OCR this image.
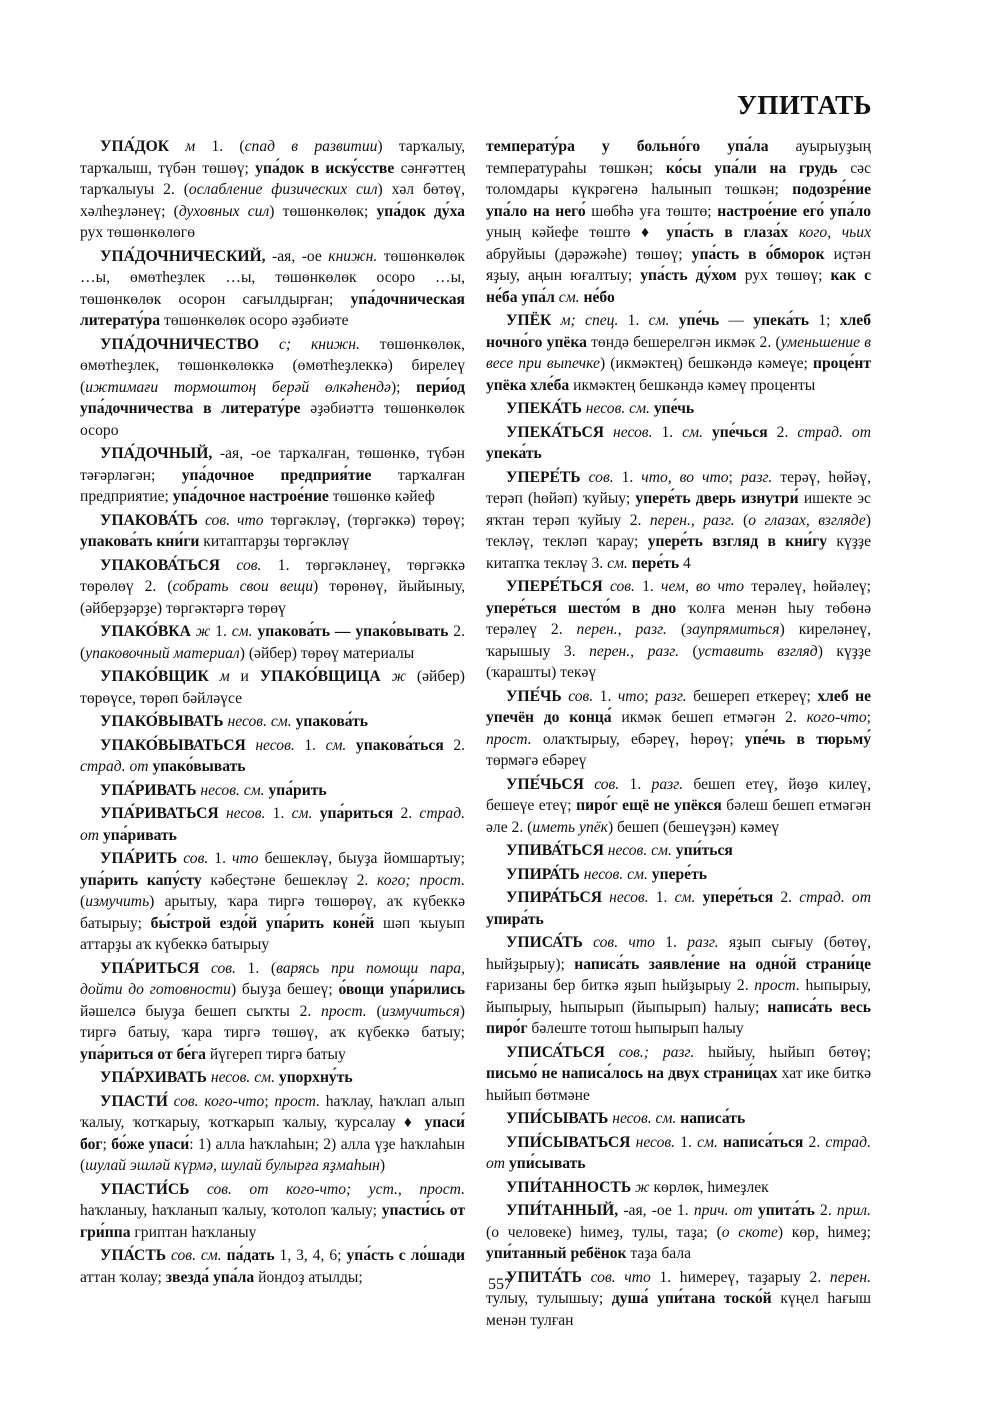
УПИТАТЬ

УПА́ДОК м 1. (спад в развитии) тарҡалыу, тарҡалыш, түбән төшөү; упа́док в иску́сстве сәнғәттең тарҡалыуы 2. (ослабление физических сил) хәл бөтөү, хәлһеҙләнеү; (духовных сил) төшөнкөлөк; упа́док ду́ха рух төшөнкөлөгө

УПА́ДОЧНИЧЕСКИЙ, -ая, -ое книжн. төшөнкөлөк …ы, өмөтһеҙлек …ы, төшөнкөлөк осоро …ы, төшөнкөлөк осорон сағылдырған; упа́дочническая литерату́ра төшөнкөлөк осоро әҙәбиәте

УПА́ДОЧНИЧЕСТВО с; книжн. төшөнкөлөк, өмөтһеҙлек, төшөнкөлөккә (өмөтһеҙлеккә) бирелеү (ижтимағи тормоштоң берәй өлкәһендә); пери́од упа́дочничества в литерату́ре әҙәбиәттә төшөнкөлөк осоро

УПА́ДОЧНЫЙ, -ая, -ое тарҡалған, төшөнкө, түбән тәғәрләгән; упа́дочное предприя́тие тарҡалған предприятие; упа́дочное настрое́ние төшөнкө кәйеф

УПАКОВА́ТЬ сов. что төргәкләү, (төргәккә) төрөү; упакова́ть кни́ги китаптарҙы төргәкләү

УПАКОВА́ТЬСЯ сов. 1. төргәкләнеү, төргәккә төрөлөү 2. (собрать свои вещи) төрөнөү, йыйыныу, (әйберҙәрҙе) төргәктәргә төрөү

УПАКО́ВКА ж 1. см. упакова́ть — упако́вывать 2. (упаковочный материал) (әйбер) төрөү материалы

УПАКО́ВЩИК м и УПАКО́ВЩИЦА ж (әйбер) төрөүсе, төрөп бәйләүсе

УПАКО́ВЫВАТЬ несов. см. упакова́ть

УПАКО́ВЫВАТЬСЯ несов. 1. см. упакова́ться 2. страд. от упако́вывать

УПА́РИВАТЬ несов. см. упа́рить

УПА́РИВАТЬСЯ несов. 1. см. упа́риться 2. страд. от упа́ривать

УПА́РИТЬ сов. 1. что бешекләү, быуҙа йомшартыу; упа́рить капу́сту кәбеҫтәне бешекләү 2. кого; прост. (измучить) арытыу, ҡара тиргә төшөрөү, аҡ күбеккә батырыу; бы́строй ездо́й упа́рить коне́й шәп ҡыуып аттарҙы аҡ күбеккә батырыу

УПА́РИТЬСЯ сов. 1. (варясь при помощи пара, дойти до готовности) быуҙа бешеү; о́вощи упа́рились йәшелсә быуҙа бешеп сыҡты 2. прост. (измучиться) тиргә батыу, ҡара тиргә төшөү, аҡ күбеккә батыу; упа́риться от бе́га йүгереп тиргә батыу

УПА́РХИВАТЬ несов. см. упорхну́ть

УПАСТИ́ сов. кого-что; прост. һаҡлау, һаҡлап алып ҡалыу, ҡотҡарыу, ҡотҡарып ҡалыу, ҡурсалау ♦ упаси́ бог; бо́же упаси́: 1) алла һаҡлаһын; 2) алла үҙе һаҡлаһын (шулай эшләй күрмә, шулай булырға яҙмаһын)

УПАСТИ́СЬ сов. от кого-что; уст., прост. һаҡланыу, һаҡланып ҡалыу, ҡотолоп ҡалыу; упасти́сь от гри́ппа гриптан һаҡланыу

УПА́СТЬ сов. см. па́дать 1, 3, 4, 6; упа́сть с ло́шади аттан ҡолау; звезда́ упа́ла йондоҙ атылды;

температу́ра у больно́го упа́ла ауырыуҙың температураһы төшкән; ко́сы упа́ли на грудь сәс толомдары күкрәгенә һалынып төшкән; подозре́ние упа́ло на него́ шөбһә уға төштө; настрое́ние его́ упа́ло уның кәйефе төштө ♦ упа́сть в глаза́х кого, чьих абруйыы (дәрәжәһе) төшөү; упа́сть в о́бморок иҫтән яҙыу, аңын юғалтыу; упа́сть ду́хом рух төшөү; как с не́ба упа́л см. не́бо

УПЁК м; спец. 1. см. упе́чь — упека́ть 1; хлеб ночно́го упёка төндә бешерелгән икмәк 2. (уменьшение в весе при выпечке) (икмәктең) бешкәндә кәмеүе; проце́нт упёка хле́ба икмәктең бешкәндә кәмеү проценты

УПЕКА́ТЬ несов. см. упе́чь

УПЕКА́ТЬСЯ несов. 1. см. упе́чься 2. страд. от упека́ть

УПЕРЕ́ТЬ сов. 1. что, во что; разг. терәү, һөйәү, терәп (һөйәп) ҡуйыу; упере́ть дверь изнутри́ ишекте эс яҡтан терәп ҡуйыу 2. перен., разг. (о глазах, взгляде) текләү, текләп ҡарау; упере́ть взгляд в кни́гу күҙҙе китапҡа текләү 3. см. пере́ть 4

УПЕРЕ́ТЬСЯ сов. 1. чем, во что терәлеү, һөйәлеү; упере́ться шесто́м в дно ҡолға менән һыу төбөнә терәлеү 2. перен., разг. (заупрямиться) киреләнеү, ҡарышыу 3. перен., разг. (уставить взгляд) күҙҙе (ҡарашты) текәү

УПЕ́ЧЬ сов. 1. что; разг. бешереп еткереү; хлеб не упечён до конца́ икмәк бешеп етмәгән 2. кого-что; прост. олаҡтырыу, ебәреү, һөрөү; упе́чь в тюрьму́ төрмәгә ебәреү

УПЕ́ЧЬСЯ сов. 1. разг. бешеп етеү, йөҙө килеү, бешеүе етеү; пиро́г ещё не упёкся бәлеш бешеп етмәгән әле 2. (иметь упёк) бешеп (бешеүҙән) кәмеү

УПИВА́ТЬСЯ несов. см. упи́ться

УПИРА́ТЬ несов. см. упере́ть

УПИРА́ТЬСЯ несов. 1. см. упере́ться 2. страд. от упира́ть

УПИСА́ТЬ сов. что 1. разг. яҙып сығыу (бөтөү, һыйҙырыу); написа́ть заявле́ние на одно́й страни́це ғаризаны бер биткә яҙып һыйҙырыу 2. прост. һыпырыу, йыпырыу, һыпырып (йыпырып) һалыу; написа́ть весь пиро́г бәлеште тотош һыпырып һалыу

УПИСА́ТЬСЯ сов.; разг. һыйыу, һыйып бөтөү; письмо́ не написа́лось на двух страни́цах хат ике биткә һыйып бөтмәне

УПИ́СЫВАТЬ несов. см. написа́ть

УПИ́СЫВАТЬСЯ несов. 1. см. написа́ться 2. страд. от упи́сывать

УПИ́ТАННОСТЬ ж көрлөк, һимеҙлек

УПИ́ТАННЫЙ, -ая, -ое 1. прич. от упита́ть 2. прил. (о человеке) һимеҙ, тулы, таҙа; (о скоте) көр, һимеҙ; упи́танный ребёнок таҙа бала

УПИТА́ТЬ сов. что 1. һимереү, таҙарыу 2. перен. тулыу, тулышыу; душа́ упи́тана тоско́й күңел һағыш менән тулған

557
